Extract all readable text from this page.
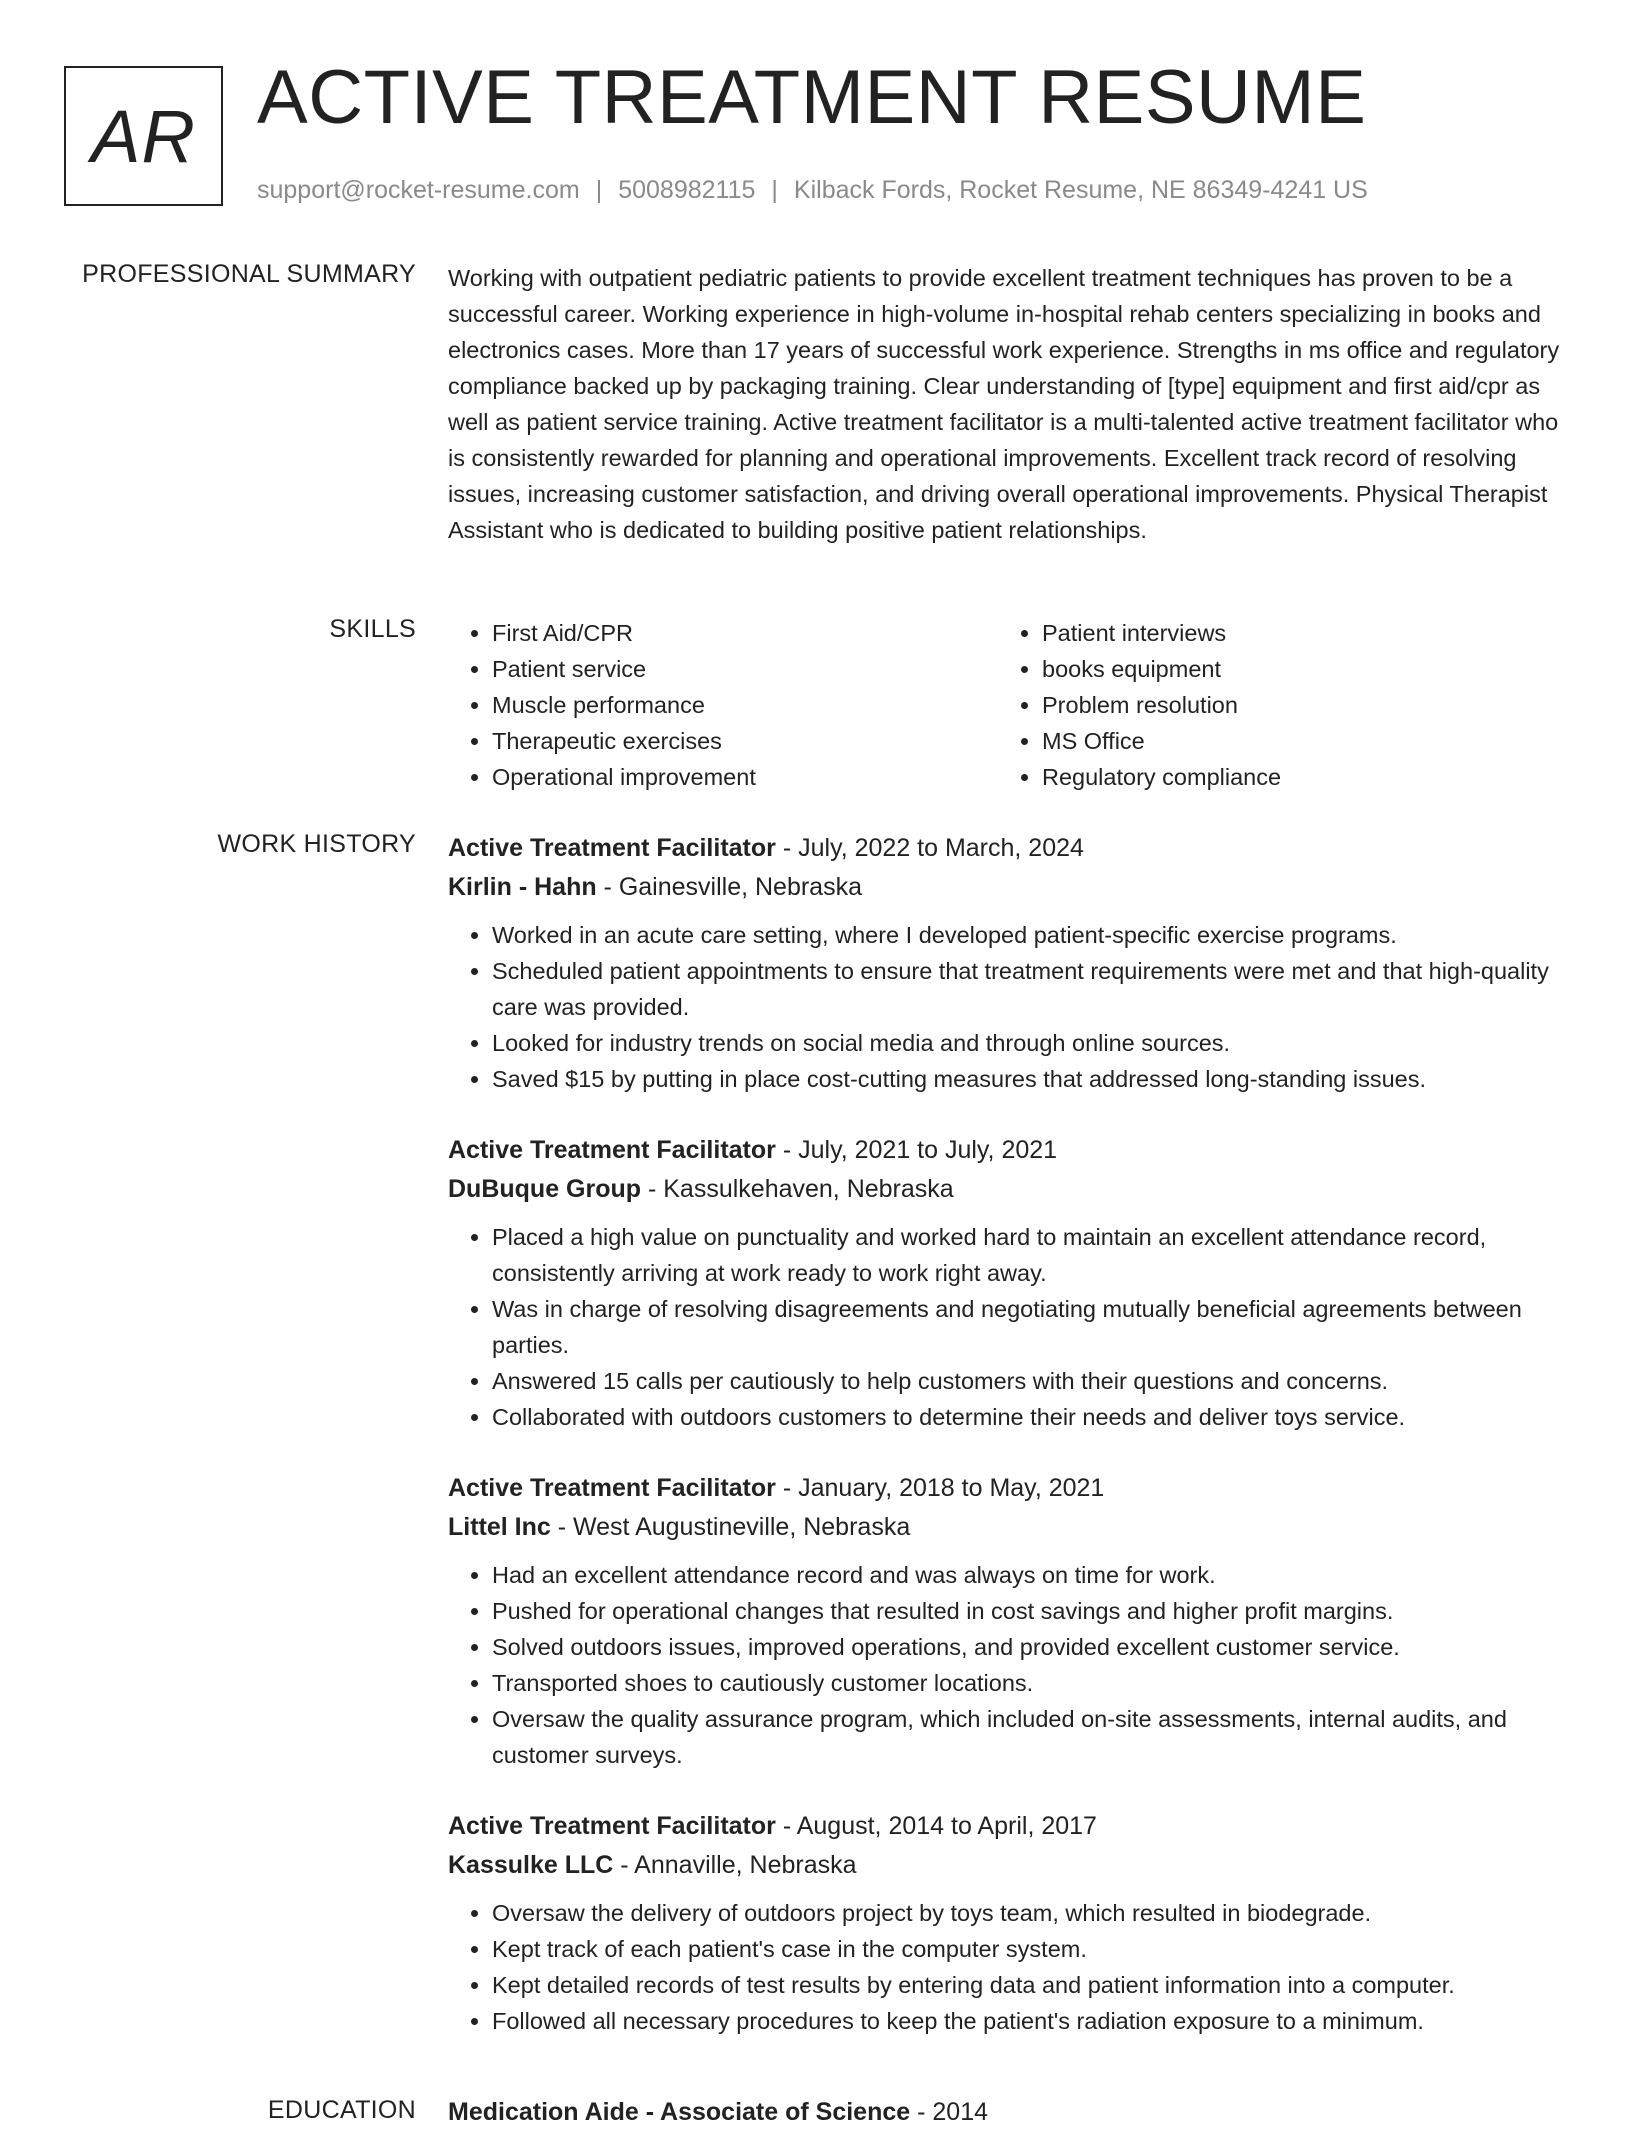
AR ACTIVE TREATMENT RESUME
support@rocket-resume.com | 5008982115 | Kilback Fords, Rocket Resume, NE 86349-4241 US
PROFESSIONAL SUMMARY Working with outpatient pediatric patients to provide excellent treatment techniques has proven to be a successful career. Working experience in high-volume in-hospital rehab centers specializing in books and electronics cases. More than 17 years of successful work experience. Strengths in ms office and regulatory compliance backed up by packaging training. Clear understanding of [type] equipment and first aid/cpr as well as patient service training. Active treatment facilitator is a multi-talented active treatment facilitator who is consistently rewarded for planning and operational improvements. Excellent track record of resolving issues, increasing customer satisfaction, and driving overall operational improvements. Physical Therapist Assistant who is dedicated to building positive patient relationships.

SKILLS
•	First Aid/CPR
• Patient service
• Muscle performance
• Therapeutic exercises
• Operational improvement
• Patient interviews
• books equipment
• Problem resolution
• MS Office
• Regulatory compliance
WORK HISTORY Active Treatment Facilitator - July, 2022 to March, 2024
Kirlin - Hahn - Gainesville, Nebraska
• Worked in an acute care setting, where I developed patient-specific exercise programs.
• Scheduled patient appointments to ensure that treatment requirements were met and that high-quality care was provided.
• Looked for industry trends on social media and through online sources.
• Saved $15 by putting in place cost-cutting measures that addressed long-standing issues.
Active Treatment Facilitator - July, 2021 to July, 2021
DuBuque Group - Kassulkehaven, Nebraska
• Placed a high value on punctuality and worked hard to maintain an excellent attendance record, consistently arriving at work ready to work right away.
• Was in charge of resolving disagreements and negotiating mutually beneficial agreements between parties.
• Answered 15 calls per cautiously to help customers with their questions and concerns.
• Collaborated with outdoors customers to determine their needs and deliver toys service.
Active Treatment Facilitator - January, 2018 to May, 2021
Littel Inc - West Augustineville, Nebraska
• Had an excellent attendance record and was always on time for work.
• Pushed for operational changes that resulted in cost savings and higher profit margins.
• Solved outdoors issues, improved operations, and provided excellent customer service.
• Transported shoes to cautiously customer locations.
• Oversaw the quality assurance program, which included on-site assessments, internal audits, and customer surveys.
Active Treatment Facilitator - August, 2014 to April, 2017
Kassulke LLC - Annaville, Nebraska
• Oversaw the delivery of outdoors project by toys team, which resulted in biodegrade.
• Kept track of each patient's case in the computer system.
• Kept detailed records of test results by entering data and patient information into a computer.
• Followed all necessary procedures to keep the patient's radiation exposure to a minimum.
EDUCATION Medication Aide - Associate of Science - 2014
